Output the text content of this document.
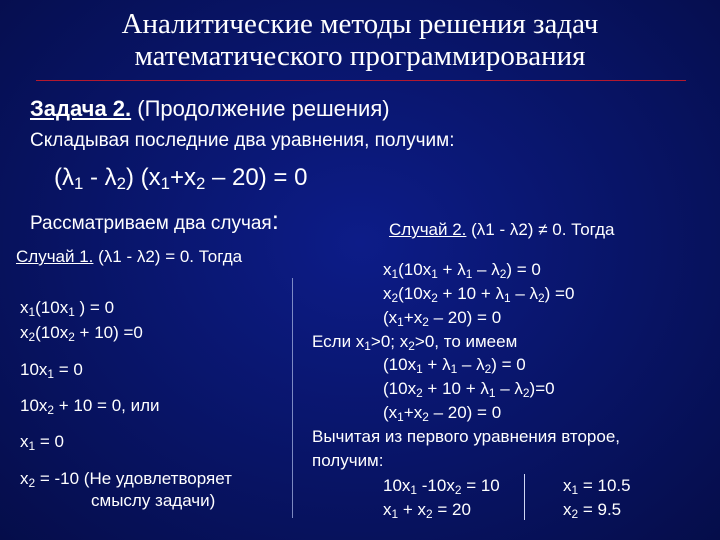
Аналитические методы решения задач
математического программирования
Задача 2. (Продолжение решения)
Складывая последние два уравнения, получим:
$(\lambda_1 - \lambda_2)$ $(x_1+x_2 - 20) = 0$
Рассматриваем два случая:
Случай 1. (λ1 - λ2) = 0. Тогда
$x_1(10x_1$ ) = 0
$x_2(10x_2 + 10) =0$
$10x_1 = 0$
$10x_2 + 10 = 0$, или
$x_1 = 0$
$x_2 = -10$ (Не удовлетворяет
смыслу задачи)
Случай 2. (λ1 - λ2) ≠ 0. Тогда
$x_1(10x_1 + \lambda_1 - \lambda_2) = 0$
$x_2(10x_2 + 10 + \lambda_1 - \lambda_2) =0$
$(x_1+x_2 - 20) = 0$
Если $x_1>0$; $x_2>0$, то имеем
$(10x_1 + \lambda_1 - \lambda_2) = 0$
$(10x_2 + 10 + \lambda_1 - \lambda_2)=0$
$(x_1+x_2 - 20) = 0$
Вычитая из первого уравнения второе,
получим:
$10x_1$ $-10x_2 = 10$
$x_1 + x_2 = 20$
$x_1 = 10.5$
$x_2 = 9.5$
